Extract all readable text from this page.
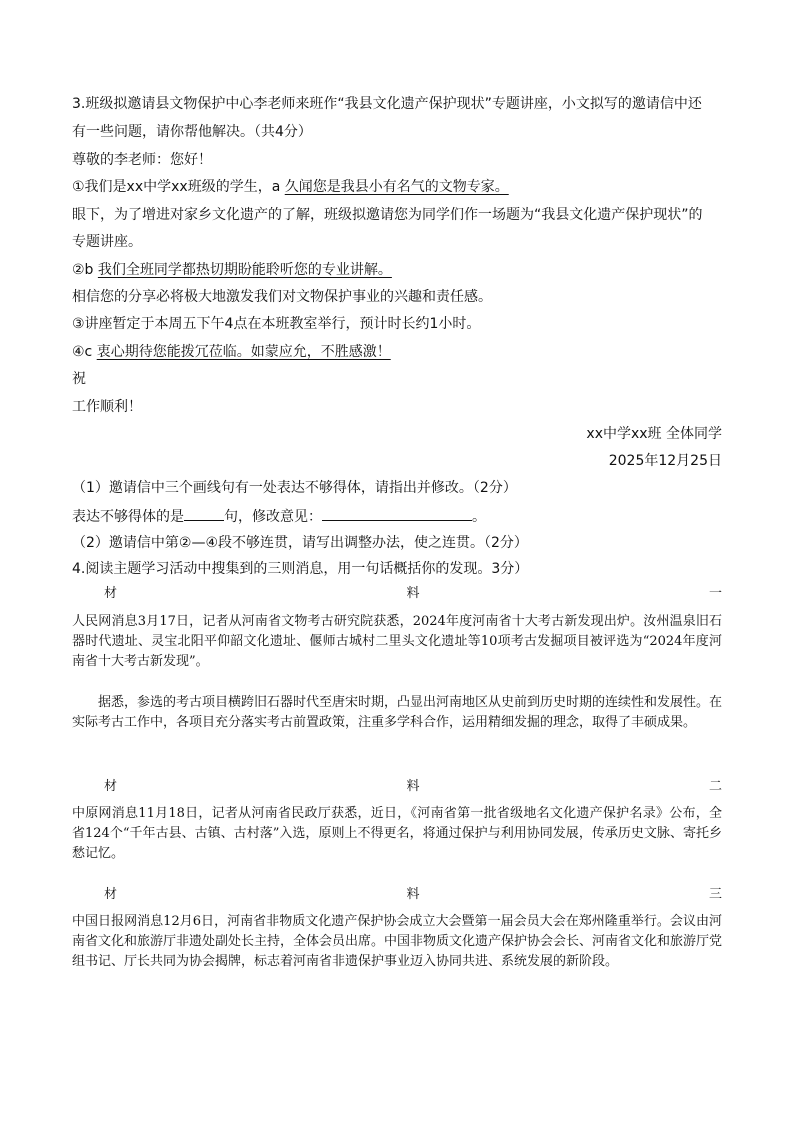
3.班级拟邀请县文物保护中心李老师来班作“我县文化遗产保护现状”专题讲座，小文拟写的邀请信中还
有一些问题，请你帮他解决。（共4分）
尊敬的李老师：您好！
①我们是xx中学xx班级的学生，a 久闻您是我县小有名气的文物专家。
眼下，为了增进对家乡文化遗产的了解，班级拟邀请您为同学们作一场题为“我县文化遗产保护现状”的
专题讲座。
②b 我们全班同学都热切期盼能聆听您的专业讲解。
相信您的分享必将极大地激发我们对文物保护事业的兴趣和责任感。
③讲座暂定于本周五下午4点在本班教室举行，预计时长约1小时。
④c 衷心期待您能拨冗莅临。如蒙应允，不胜感激！
祝
工作顺利！
xx中学xx班 全体同学
2025年12月25日
（1）邀请信中三个画线句有一处表达不够得体，请指出并修改。（2分）
表达不够得体的是	句，修改意见：	。
（2）邀请信中第②—④段不够连贯，请写出调整办法，使之连贯。（2分）
4.阅读主题学习活动中搜集到的三则消息，用一句话概括你的发现。3分）
材	料	一
人民网消息3月17日，记者从河南省文物考古研究院获悉，2024年度河南省十大考古新发现出炉。汝州温泉旧石器时代遗址、灵宝北阳平仰韶文化遗址、偃师古城村二里头文化遗址等10项考古发掘项目被评选为“2024年度河南省十大考古新发现”。
据悉，参选的考古项目横跨旧石器时代至唐宋时期，凸显出河南地区从史前到历史时期的连续性和发展性。在实际考古工作中，各项目充分落实考古前置政策，注重多学科合作，运用精细发掘的理念，取得了丰硕成果。
材	料	二
中原网消息11月18日，记者从河南省民政厅获悉，近日，《河南省第一批省级地名文化遗产保护名录》公布，全省124个“千年古县、古镇、古村落”入选，原则上不得更名，将通过保护与利用协同发展，传承历史文脉、寄托乡愁记忆。
材	料	三
中国日报网消息12月6日，河南省非物质文化遗产保护协会成立大会暨第一届会员大会在郑州隆重举行。会议由河南省文化和旅游厅非遗处副处长主持，全体会员出席。中国非物质文化遗产保护协会会长、河南省文化和旅游厅党组书记、厅长共同为协会揭牌，标志着河南省非遗保护事业迈入协同共进、系统发展的新阶段。
